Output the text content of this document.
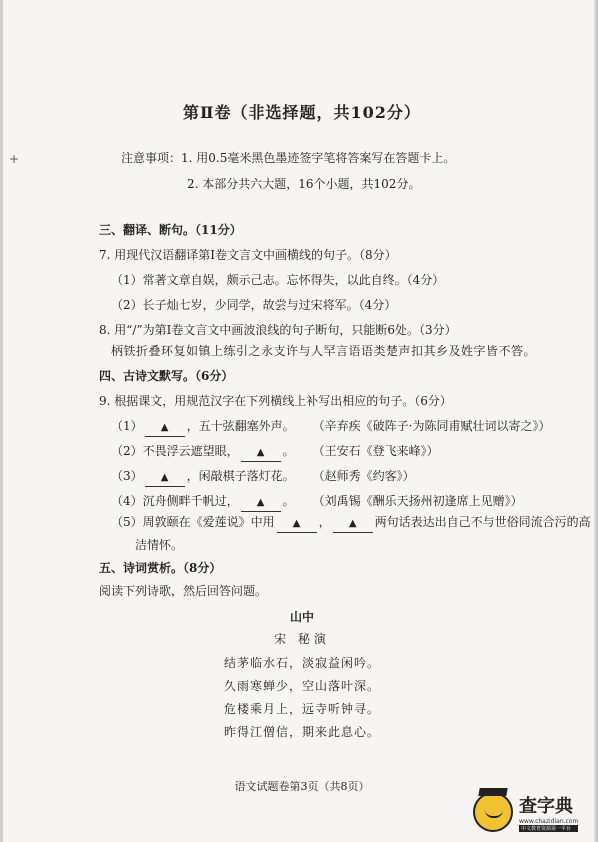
+
第Ⅱ卷（非选择题，共102分）
注意事项：1. 用0.5毫米黑色墨迹签字笔将答案写在答题卡上。
2. 本部分共六大题，16个小题，共102分。
三、翻译、断句。（11分）
7. 用现代汉语翻译第Ⅰ卷文言文中画横线的句子。（8分）
（1）常著文章自娱，颇示己志。忘怀得失，以此自终。（4分）
（2）长子灿七岁，少同学，故尝与过宋将军。（4分）
8. 用“/”为第Ⅰ卷文言文中画波浪线的句子断句，只能断6处。（3分）
柄铁折叠环复如镇上练引之永支许与人罕言语语类楚声扣其乡及姓字皆不答。
四、古诗文默写。（6分）
9. 根据课文，用规范汉字在下列横线上补写出相应的句子。（6分）
（1） ▲ ，五十弦翻塞外声。 （辛弃疾《破阵子·为陈同甫赋壮词以寄之》）
（2）不畏浮云遮望眼， ▲ 。 （王安石《登飞来峰》）
（3） ▲ ，闲敲棋子落灯花。 （赵师秀《约客》）
（4）沉舟侧畔千帆过， ▲ 。 （刘禹锡《酬乐天扬州初逢席上见赠》）
（5）周敦颐在《爱莲说》中用 ▲ ， ▲ 两句话表达出自己不与世俗同流合污的高
洁情怀。
五、诗词赏析。（8分）
阅读下列诗歌，然后回答问题。
山中
宋 秘演
结茅临水石，淡寂益闲吟。
久雨寒蝉少，空山落叶深。
危楼乘月上，远寺听钟寻。
昨得江僧信，期来此息心。
语文试题卷第3页（共8页）
查字典
www.chazidian.com
中文教育资源第一平台
